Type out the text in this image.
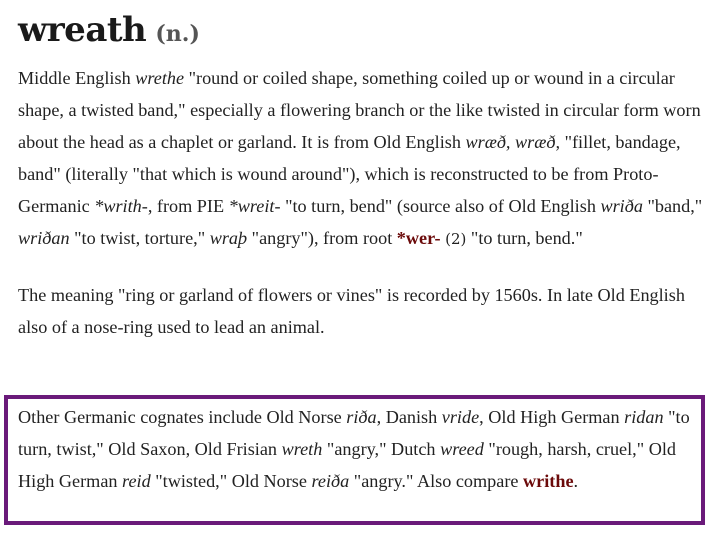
wreath (n.)

Middle English wrethe "round or coiled shape, something coiled up or wound in a circular shape, a twisted band," especially a flowering branch or the like twisted in circular form worn about the head as a chaplet or garland. It is from Old English wræð, wræð, "fillet, bandage, band" (literally "that which is wound around"), which is reconstructed to be from Proto-Germanic *writh-, from PIE *wreit- "to turn, bend" (source also of Old English wriða "band," wriðan "to twist, torture," wraþ "angry"), from root *wer- (2) "to turn, bend."

The meaning "ring or garland of flowers or vines" is recorded by 1560s. In late Old English also of a nose-ring used to lead an animal.

Other Germanic cognates include Old Norse riða, Danish vride, Old High German ridan "to turn, twist," Old Saxon, Old Frisian wreth "angry," Dutch wreed "rough, harsh, cruel," Old High German reid "twisted," Old Norse reiða "angry." Also compare writhe.
